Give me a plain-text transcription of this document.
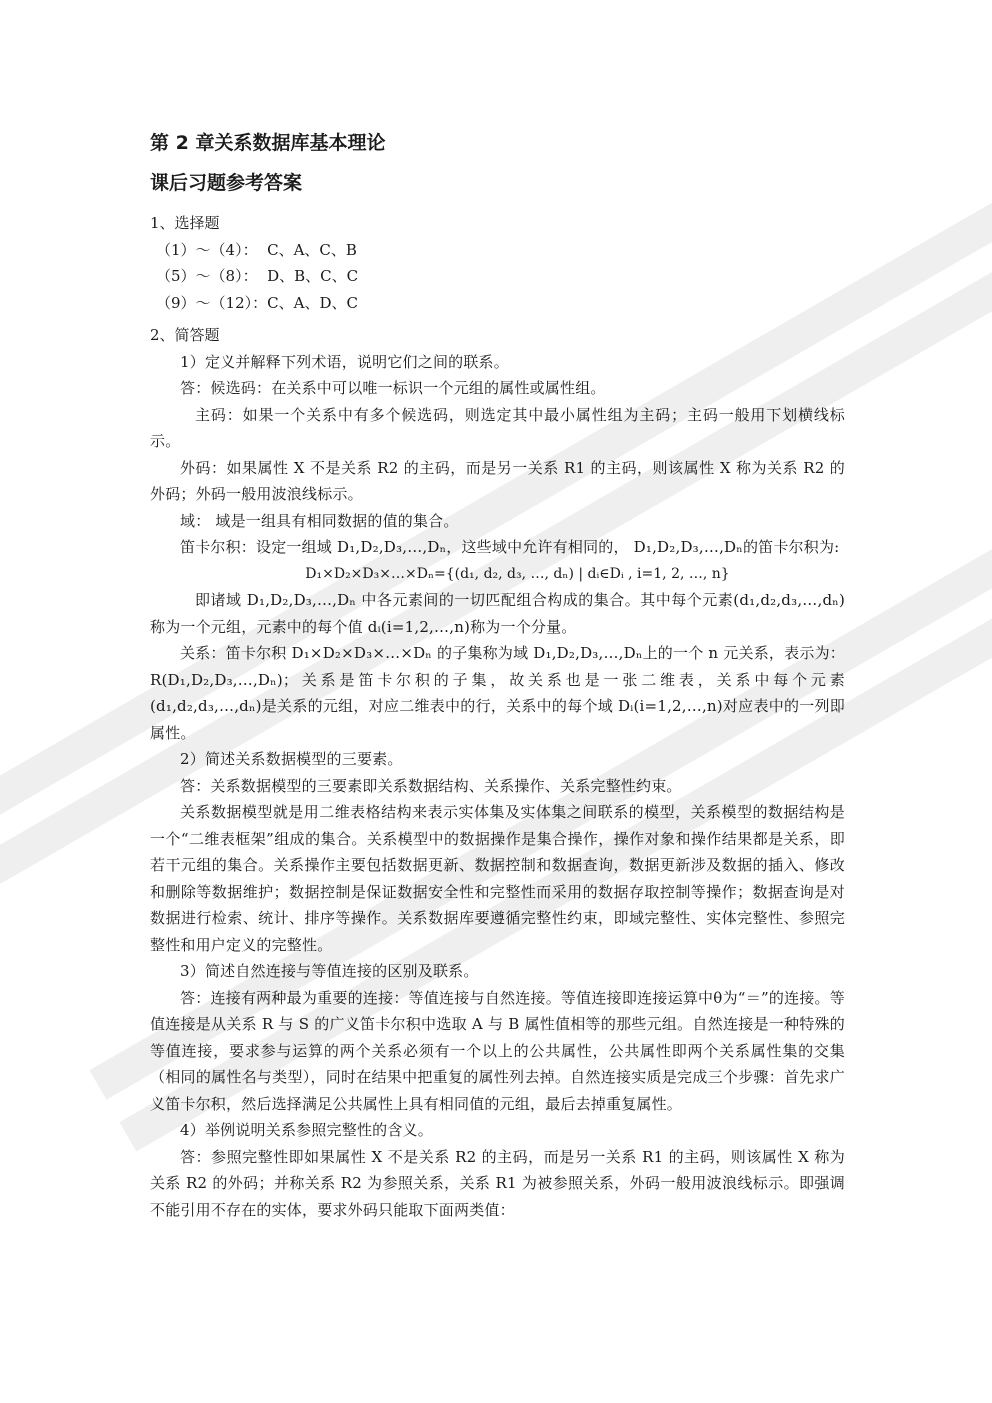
第 2 章关系数据库基本理论
课后习题参考答案
1、选择题
（1）～（4）：  C、A、C、B
（5）～（8）：  D、B、C、C
（9）～（12）：C、A、D、C
2、简答题

1）定义并解释下列术语，说明它们之间的联系。

答：候选码：在关系中可以唯一标识一个元组的属性或属性组。

主码：如果一个关系中有多个候选码，则选定其中最小属性组为主码；主码一般用下划横线标示。

外码：如果属性 X 不是关系 R2 的主码，而是另一关系 R1 的主码，则该属性 X 称为关系 R2 的外码；外码一般用波浪线标示。

域： 域是一组具有相同数据的值的集合。

笛卡尔积：设定一组域 D₁,D₂,D₃,…,Dₙ，这些域中允许有相同的， D₁,D₂,D₃,…,Dₙ的笛卡尔积为:

D₁×D₂×D₃×…×Dₙ={(d₁, d₂, d₃, …, dₙ) | dᵢ∈Dᵢ , i=1, 2, …, n}

即诸域 D₁,D₂,D₃,…,Dₙ 中各元素间的一切匹配组合构成的集合。其中每个元素(d₁,d₂,d₃,…,dₙ)称为一个元组，元素中的每个值 dᵢ(i=1,2,…,n)称为一个分量。

关系：笛卡尔积 D₁×D₂×D₃×…×Dₙ 的子集称为域 D₁,D₂,D₃,…,Dₙ上的一个 n 元关系，表示为：R(D₁,D₂,D₃,…,Dₙ)；关系是笛卡尔积的子集，故关系也是一张二维表，关系中每个元素(d₁,d₂,d₃,…,dₙ)是关系的元组，对应二维表中的行，关系中的每个域 Dᵢ(i=1,2,…,n)对应表中的一列即属性。

2）简述关系数据模型的三要素。

答：关系数据模型的三要素即关系数据结构、关系操作、关系完整性约束。

关系数据模型就是用二维表格结构来表示实体集及实体集之间联系的模型，关系模型的数据结构是一个“二维表框架”组成的集合。关系模型中的数据操作是集合操作，操作对象和操作结果都是关系，即若干元组的集合。关系操作主要包括数据更新、数据控制和数据查询，数据更新涉及数据的插入、修改和删除等数据维护；数据控制是保证数据安全性和完整性而采用的数据存取控制等操作；数据查询是对数据进行检索、统计、排序等操作。关系数据库要遵循完整性约束，即域完整性、实体完整性、参照完整性和用户定义的完整性。

3）简述自然连接与等值连接的区别及联系。

答：连接有两种最为重要的连接：等值连接与自然连接。等值连接即连接运算中θ为“＝”的连接。等值连接是从关系 R 与 S 的广义笛卡尔积中选取 A 与 B 属性值相等的那些元组。自然连接是一种特殊的等值连接，要求参与运算的两个关系必须有一个以上的公共属性，公共属性即两个关系属性集的交集（相同的属性名与类型），同时在结果中把重复的属性列去掉。自然连接实质是完成三个步骤：首先求广义笛卡尔积，然后选择满足公共属性上具有相同值的元组，最后去掉重复属性。

4）举例说明关系参照完整性的含义。

答：参照完整性即如果属性 X 不是关系 R2 的主码，而是另一关系 R1 的主码，则该属性 X 称为关系 R2 的外码；并称关系 R2 为参照关系，关系 R1 为被参照关系，外码一般用波浪线标示。即强调不能引用不存在的实体，要求外码只能取下面两类值：
